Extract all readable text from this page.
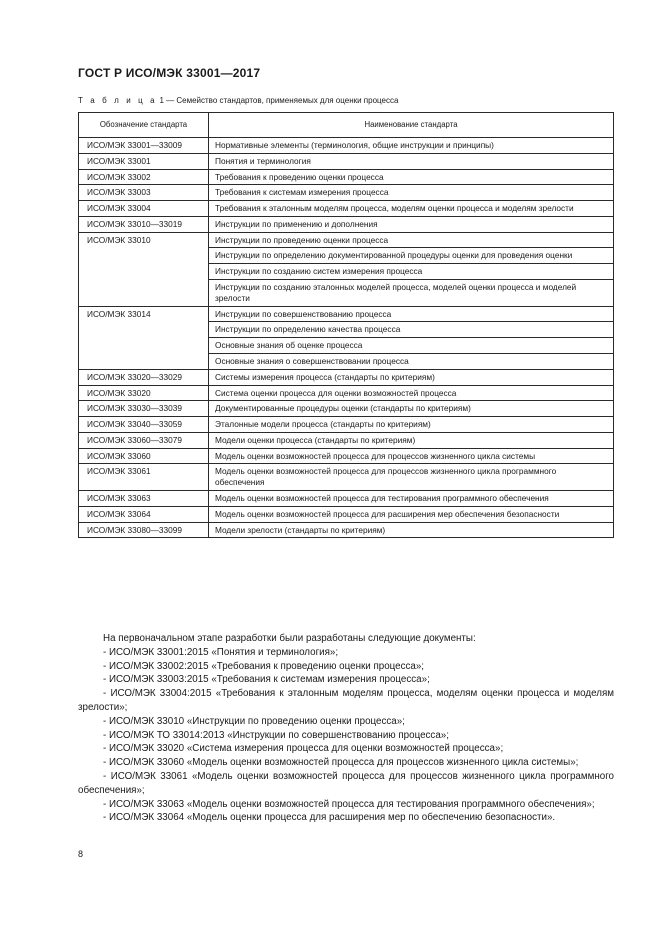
ГОСТ Р ИСО/МЭК 33001—2017
Т а б л и ц а 1 — Семейство стандартов, применяемых для оценки процесса
Обозначение стандарта	Наименование стандарта
ИСО/МЭК 33001—33009	Нормативные элементы (терминология, общие инструкции и принципы)
ИСО/МЭК 33001	Понятия и терминология
ИСО/МЭК 33002	Требования к проведению оценки процесса
ИСО/МЭК 33003	Требования к системам измерения процесса
ИСО/МЭК 33004	Требования к эталонным моделям процесса, моделям оценки процесса и моделям зрелости
ИСО/МЭК 33010—33019	Инструкции по применению и дополнения
ИСО/МЭК 33010	Инструкции по проведению оценки процесса
	Инструкции по определению документированной процедуры оценки для проведения оценки
	Инструкции по созданию систем измерения процесса
	Инструкции по созданию эталонных моделей процесса, моделей оценки процесса и моделей зрелости
ИСО/МЭК 33014	Инструкции по совершенствованию процесса
	Инструкции по определению качества процесса
	Основные знания об оценке процесса
	Основные знания о совершенствовании процесса
ИСО/МЭК 33020—33029	Системы измерения процесса (стандарты по критериям)
ИСО/МЭК 33020	Система оценки процесса для оценки возможностей процесса
ИСО/МЭК 33030—33039	Документированные процедуры оценки (стандарты по критериям)
ИСО/МЭК 33040—33059	Эталонные модели процесса (стандарты по критериям)
ИСО/МЭК 33060—33079	Модели оценки процесса (стандарты по критериям)
ИСО/МЭК 33060	Модель оценки возможностей процесса для процессов жизненного цикла системы
ИСО/МЭК 33061	Модель оценки возможностей процесса для процессов жизненного цикла программного обеспечения
ИСО/МЭК 33063	Модель оценки возможностей процесса для тестирования программного обеспечения
ИСО/МЭК 33064	Модель оценки возможностей процесса для расширения мер обеспечения безопасности
ИСО/МЭК 33080—33099	Модели зрелости (стандарты по критериям)

На первоначальном этапе разработки были разработаны следующие документы:

- ИСО/МЭК 33001:2015 «Понятия и терминология»;

- ИСО/МЭК 33002:2015 «Требования к проведению оценки процесса»;

- ИСО/МЭК 33003:2015 «Требования к системам измерения процесса»;

- ИСО/МЭК 33004:2015 «Требования к эталонным моделям процесса, моделям оценки процесса и моделям зрелости»;

- ИСО/МЭК 33010 «Инструкции по проведению оценки процесса»;

- ИСО/МЭК ТО 33014:2013 «Инструкции по совершенствованию процесса»;

- ИСО/МЭК 33020 «Система измерения процесса для оценки возможностей процесса»;

- ИСО/МЭК 33060 «Модель оценки возможностей процесса для процессов жизненного цикла системы»;

- ИСО/МЭК 33061 «Модель оценки возможностей процесса для процессов жизненного цикла программного обеспечения»;

- ИСО/МЭК 33063 «Модель оценки возможностей процесса для тестирования программного обеспечения»;

- ИСО/МЭК 33064 «Модель оценки процесса для расширения мер по обеспечению безопасности».

8
